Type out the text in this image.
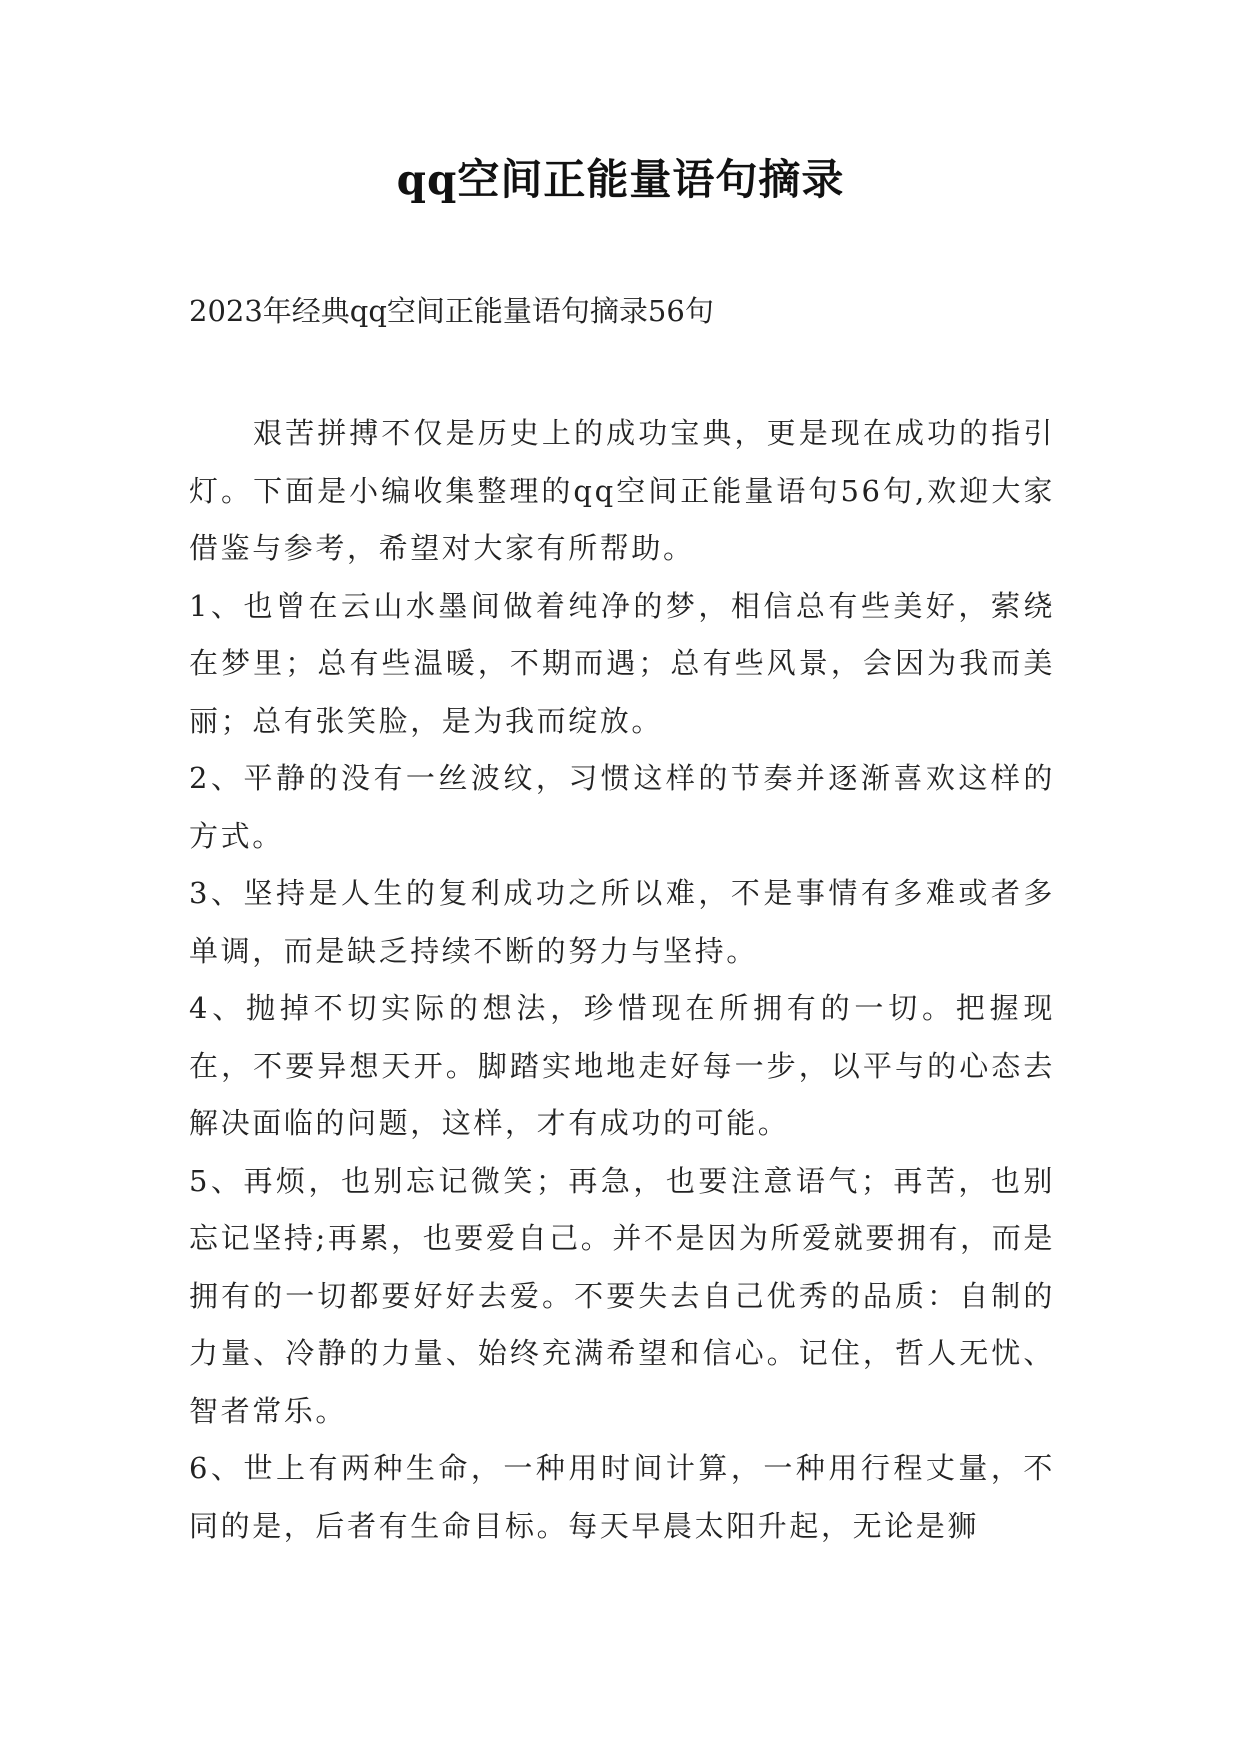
qq空间正能量语句摘录

2023年经典qq空间正能量语句摘录56句

艰苦拼搏不仅是历史上的成功宝典，更是现在成功的指引灯。下面是小编收集整理的qq空间正能量语句56句,欢迎大家借鉴与参考，希望对大家有所帮助。

1、也曾在云山水墨间做着纯净的梦，相信总有些美好，萦绕在梦里；总有些温暖，不期而遇；总有些风景，会因为我而美丽；总有张笑脸，是为我而绽放。

2、平静的没有一丝波纹，习惯这样的节奏并逐渐喜欢这样的方式。

3、坚持是人生的复利成功之所以难，不是事情有多难或者多单调，而是缺乏持续不断的努力与坚持。

4、抛掉不切实际的想法，珍惜现在所拥有的一切。把握现在，不要异想天开。脚踏实地地走好每一步，以平与的心态去解决面临的问题，这样，才有成功的可能。

5、再烦，也别忘记微笑；再急，也要注意语气；再苦，也别忘记坚持;再累，也要爱自己。并不是因为所爱就要拥有，而是拥有的一切都要好好去爱。不要失去自己优秀的品质：自制的力量、冷静的力量、始终充满希望和信心。记住，哲人无忧、智者常乐。

6、世上有两种生命，一种用时间计算，一种用行程丈量，不同的是，后者有生命目标。每天早晨太阳升起，无论是狮
